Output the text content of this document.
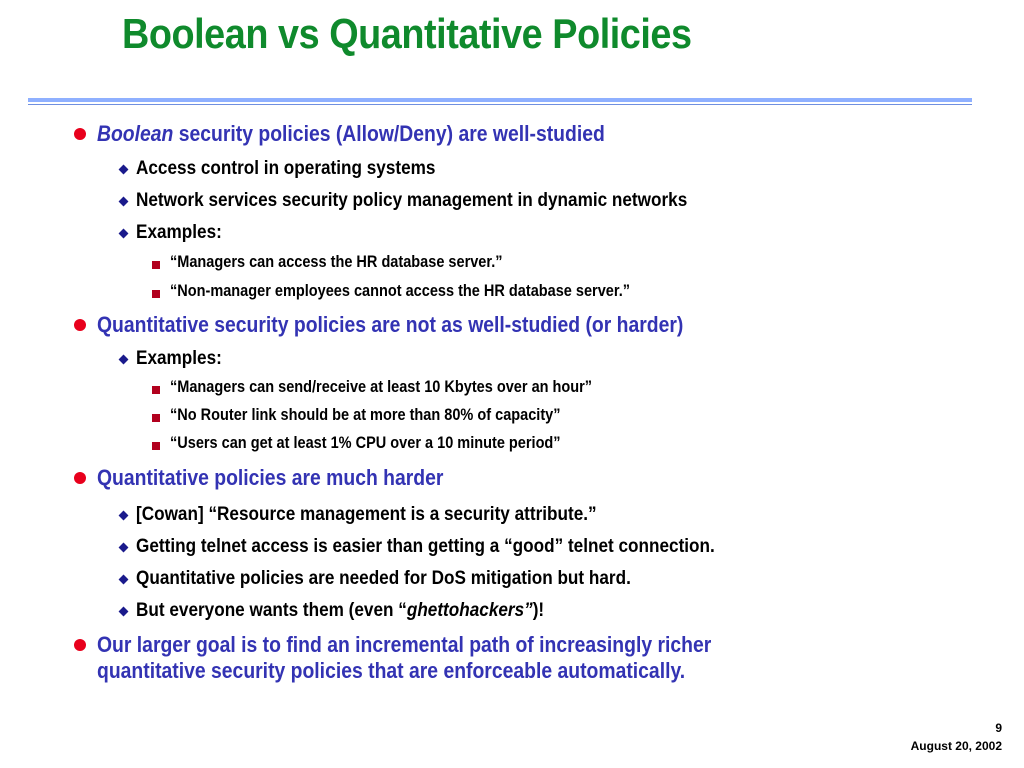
Boolean vs Quantitative Policies
Boolean security policies (Allow/Deny) are well-studied
Access control in operating systems
Network services security policy management in dynamic networks
Examples:
“Managers can access the HR database server.”
“Non-manager employees cannot access the HR database server.”
Quantitative security policies are not as well-studied (or harder)
Examples:
“Managers can send/receive at least 10 Kbytes over an hour”
“No Router link should be at more than 80% of capacity”
“Users can get at least 1% CPU over a 10 minute period”
Quantitative policies are much harder
[Cowan] “Resource management is a security attribute.”
Getting telnet access is easier than getting a “good” telnet connection.
Quantitative policies are needed for DoS mitigation but hard.
But everyone wants them (even “ghettohackers”)!
Our larger goal is to find an incremental path of increasingly richer
quantitative security policies that are enforceable automatically.
9
August 20, 2002
